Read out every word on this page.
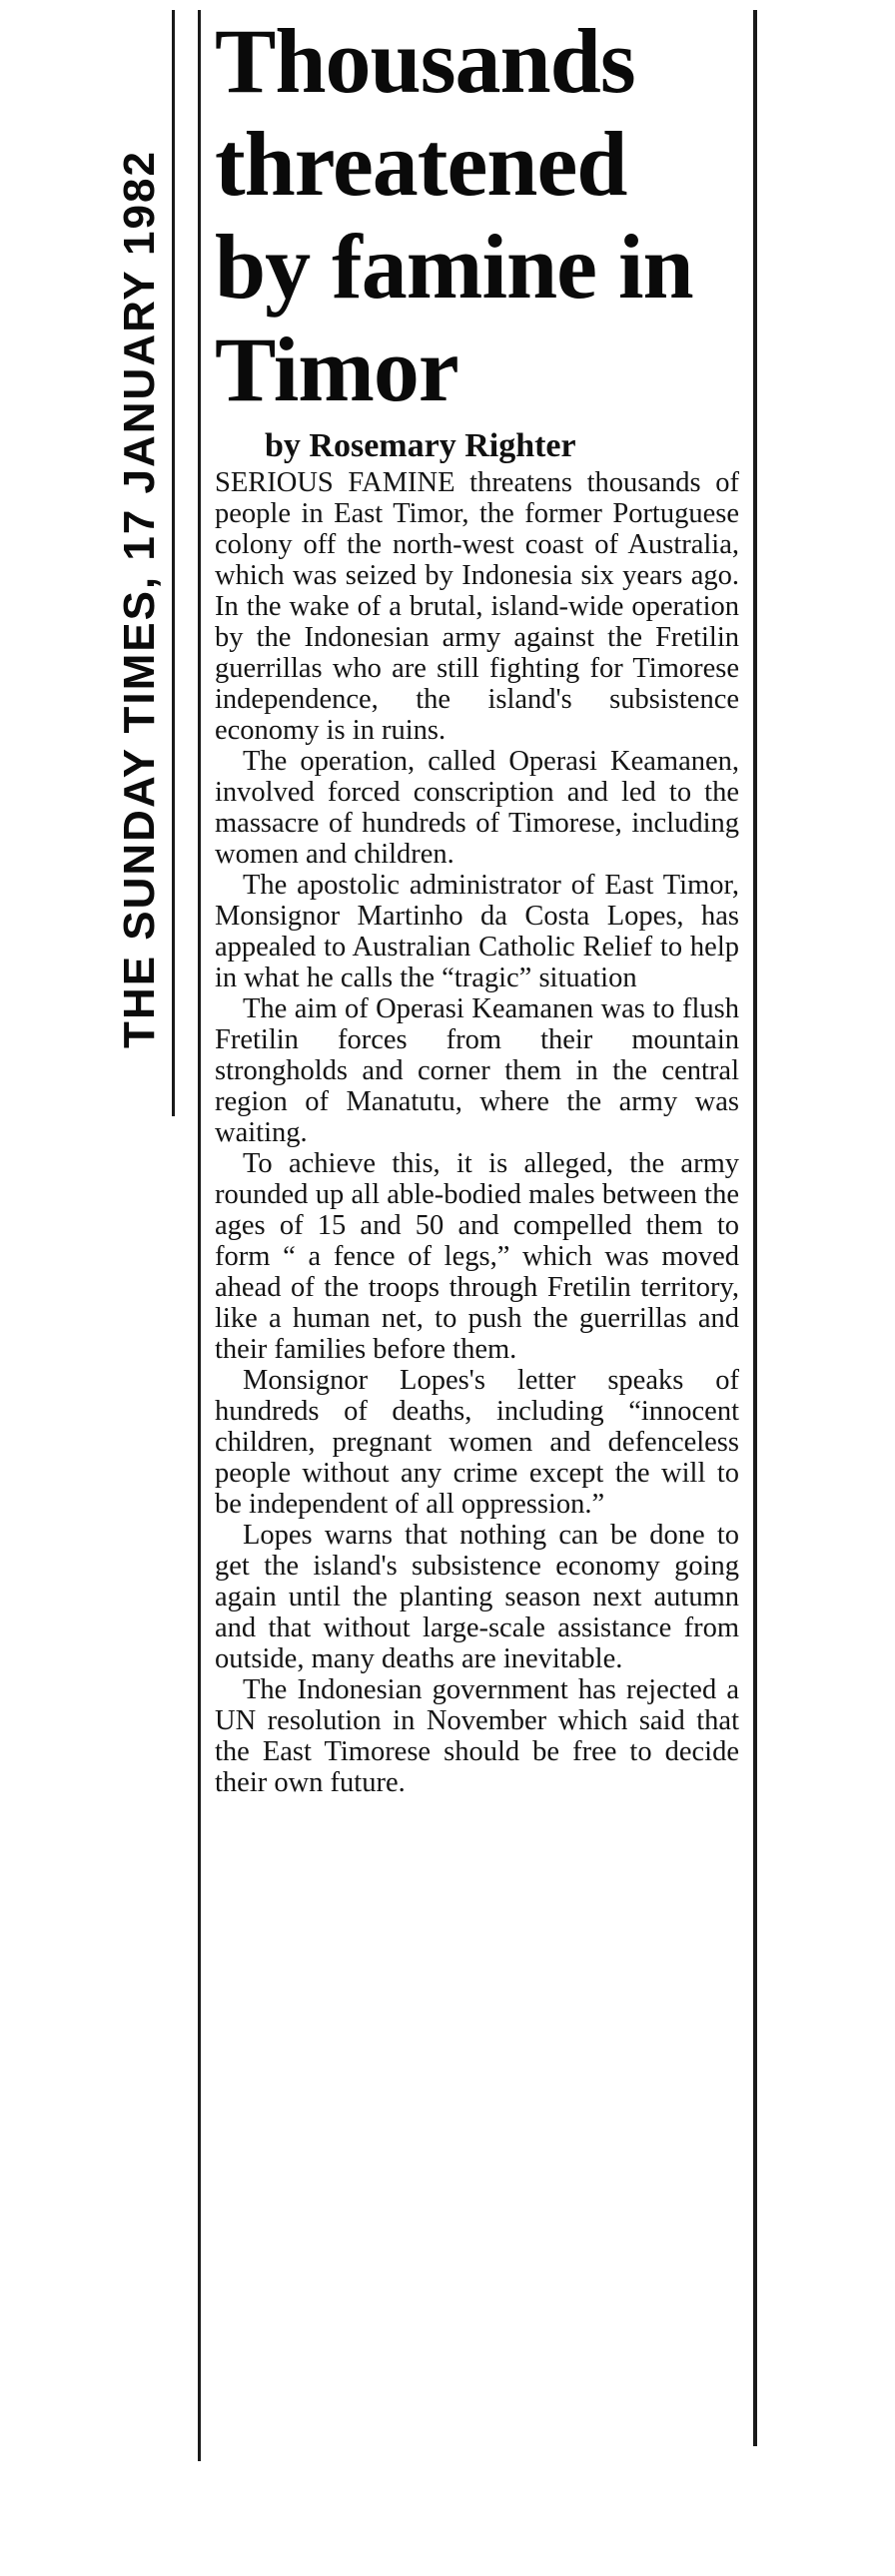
THE SUNDAY TIMES, 17 JANUARY 1982
Thousands threatened by famine in Timor
by Rosemary Righter

SERIOUS FAMINE threatens thousands of people in East Timor, the former Portuguese colony off the north-west coast of Australia, which was seized by Indonesia six years ago. In the wake of a brutal, island-wide operation by the Indonesian army against the Fretilin guerrillas who are still fighting for Timorese independence, the island's subsistence economy is in ruins.

The operation, called Operasi Keamanen, involved forced conscription and led to the massacre of hundreds of Timorese, including women and children.

The apostolic administrator of East Timor, Monsignor Martinho da Costa Lopes, has appealed to Australian Catholic Relief to help in what he calls the “tragic” situation

The aim of Operasi Keamanen was to flush Fretilin forces from their mountain strongholds and corner them in the central region of Manatutu, where the army was waiting.

To achieve this, it is alleged, the army rounded up all able-bodied males between the ages of 15 and 50 and compelled them to form “ a fence of legs,” which was moved ahead of the troops through Fretilin territory, like a human net, to push the guerrillas and their families before them.

Monsignor Lopes's letter speaks of hundreds of deaths, including “innocent children, pregnant women and defenceless people without any crime except the will to be independent of all oppression.”

Lopes warns that nothing can be done to get the island's subsistence economy going again until the planting season next autumn and that without large-scale assistance from outside, many deaths are inevitable.

The Indonesian government has rejected a UN resolution in November which said that the East Timorese should be free to decide their own future.
